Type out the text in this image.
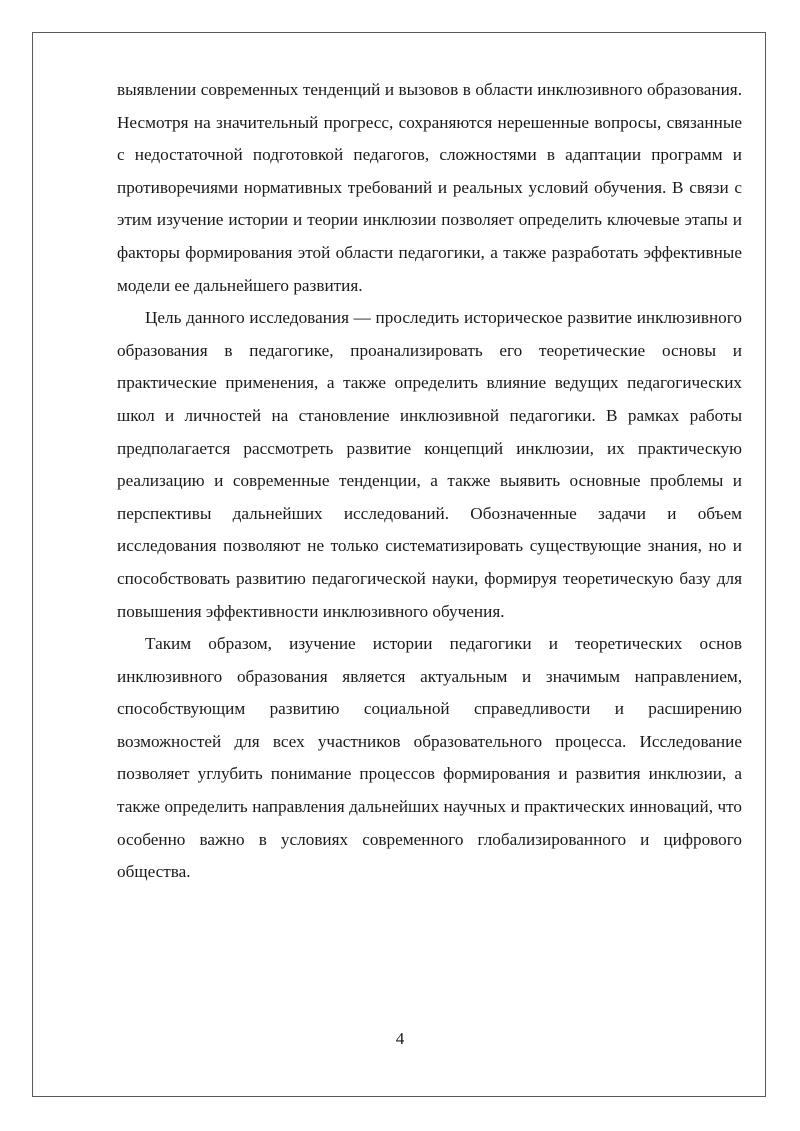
выявлении современных тенденций и вызовов в области инклюзивного образования. Несмотря на значительный прогресс, сохраняются нерешенные вопросы, связанные с недостаточной подготовкой педагогов, сложностями в адаптации программ и противоречиями нормативных требований и реальных условий обучения. В связи с этим изучение истории и теории инклюзии позволяет определить ключевые этапы и факторы формирования этой области педагогики, а также разработать эффективные модели ее дальнейшего развития.

Цель данного исследования — проследить историческое развитие инклюзивного образования в педагогике, проанализировать его теоретические основы и практические применения, а также определить влияние ведущих педагогических школ и личностей на становление инклюзивной педагогики. В рамках работы предполагается рассмотреть развитие концепций инклюзии, их практическую реализацию и современные тенденции, а также выявить основные проблемы и перспективы дальнейших исследований. Обозначенные задачи и объем исследования позволяют не только систематизировать существующие знания, но и способствовать развитию педагогической науки, формируя теоретическую базу для повышения эффективности инклюзивного обучения.

Таким образом, изучение истории педагогики и теоретических основ инклюзивного образования является актуальным и значимым направлением, способствующим развитию социальной справедливости и расширению возможностей для всех участников образовательного процесса. Исследование позволяет углубить понимание процессов формирования и развития инклюзии, а также определить направления дальнейших научных и практических инноваций, что особенно важно в условиях современного глобализированного и цифрового общества.

4
